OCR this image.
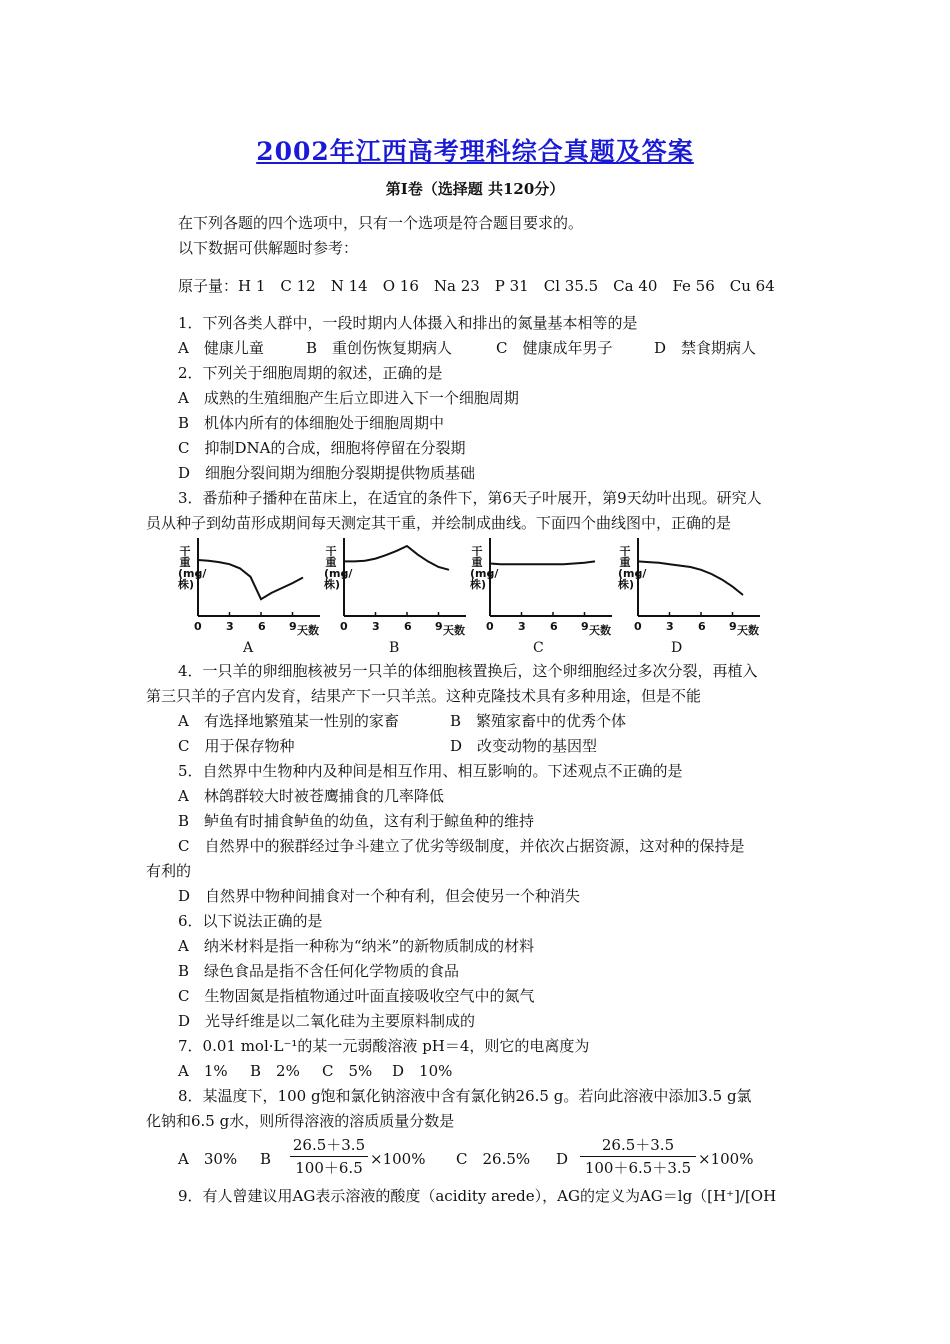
2002年江西高考理科综合真题及答案
第Ⅰ卷（选择题 共120分）
在下列各题的四个选项中，只有一个选项是符合题目要求的。
以下数据可供解题时参考：
原子量：H 1　C 12　N 14　O 16　Na 23　P 31　Cl 35.5　Ca 40　Fe 56　Cu 64
1．下列各类人群中，一段时期内人体摄入和排出的氮量基本相等的是
A　健康儿童	B　重创伤恢复期病人	C　健康成年男子	D　禁食期病人
2．下列关于细胞周期的叙述，正确的是
A　成熟的生殖细胞产生后立即进入下一个细胞周期
B　机体内所有的体细胞处于细胞周期中
C　抑制DNA的合成，细胞将停留在分裂期
D　细胞分裂间期为细胞分裂期提供物质基础
3．番茄种子播种在苗床上，在适宜的条件下，第6天子叶展开，第9天幼叶出现。研究人
员从种子到幼苗形成期间每天测定其干重，并绘制成曲线。下面四个曲线图中，正确的是
干重(mg/株)
0 3 6 9 天数
A
干重(mg/株)
0 3 6 9 天数
B
干重(mg/株)
0 3 6 9 天数
C
干重(mg/株)
0 3 6 9 天数
D
4．一只羊的卵细胞核被另一只羊的体细胞核置换后，这个卵细胞经过多次分裂，再植入
第三只羊的子宫内发育，结果产下一只羊羔。这种克隆技术具有多种用途，但是不能
A　有选择地繁殖某一性别的家畜	B　繁殖家畜中的优秀个体
C　用于保存物种	D　改变动物的基因型
5．自然界中生物种内及种间是相互作用、相互影响的。下述观点不正确的是
A　林鸽群较大时被苍鹰捕食的几率降低
B　鲈鱼有时捕食鲈鱼的幼鱼，这有利于鲸鱼种的维持
C　自然界中的猴群经过争斗建立了优劣等级制度，并依次占据资源，这对种的保持是
有利的
D　自然界中物种间捕食对一个种有利，但会使另一个种消失
6．以下说法正确的是
A　纳米材料是指一种称为“纳米”的新物质制成的材料
B　绿色食品是指不含任何化学物质的食品
C　生物固氮是指植物通过叶面直接吸收空气中的氮气
D　光导纤维是以二氧化硅为主要原料制成的
7．0.01 mol·L⁻¹的某一元弱酸溶液 pH＝4，则它的电离度为
A　1% B　2% C　5% D　10%
8．某温度下，100 g饱和氯化钠溶液中含有氯化钠26.5 g。若向此溶液中添加3.5 g氯
化钠和6.5 g水，则所得溶液的溶质质量分数是
A　30% B	×100% C　26.5% D	×100%
$\frac{26.5+3.5}{100+6.5}$	$\frac{26.5+3.5}{100+6.5+3.5}$
9．有人曾建议用AG表示溶液的酸度（acidity arede），AG的定义为AG＝lg（[H⁺]/[OH
